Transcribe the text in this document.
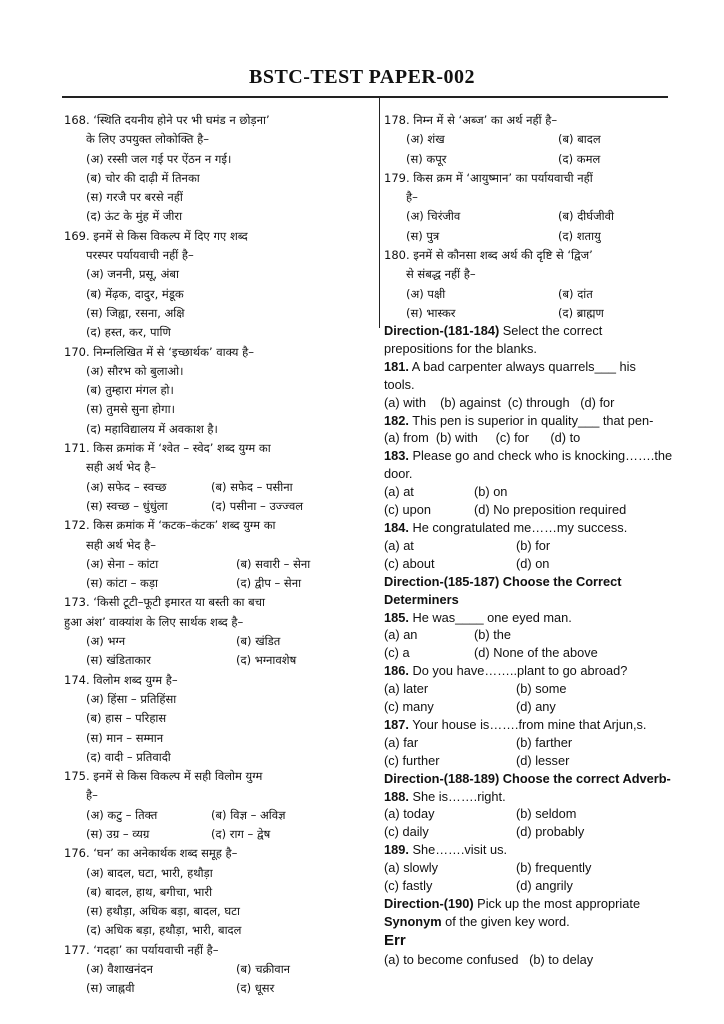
BSTC-TEST PAPER-002
168. ‘स्थिति दयनीय होने पर भी घमंड न छोड़ना’
के लिए उपयुक्त लोकोक्ति है–
(अ) रस्सी जल गई पर ऐंठन न गई।
(ब) चोर की दाढ़ी में तिनका
(स) गरजै पर बरसे नहीं
(द) ऊंट के मुंह में जीरा
169. इनमें से किस विकल्प में दिए गए शब्द
परस्पर पर्यायवाची नहीं है–
(अ) जननी, प्रसू, अंबा
(ब) मेंढ़क, दादुर, मंडूक
(स) जिह्वा, रसना, अक्षि
(द) हस्त, कर, पाणि
170. निम्नलिखित में से ‘इच्छार्थक’ वाक्य है–
(अ) सौरभ को बुलाओ।
(ब) तुम्हारा मंगल हो।
(स) तुमसे सुना होगा।
(द) महाविद्यालय में अवकाश है।
171. किस क्रमांक में ‘श्वेत – स्वेद’ शब्द युग्म का
सही अर्थ भेद है–
(अ) सफेद – स्वच्छ	(ब) सफेद – पसीना
(स) स्वच्छ – धुंधुंला	(द) पसीना – उज्ज्वल
172. किस क्रमांक में ‘कटक–कंटक’ शब्द युग्म का
सही अर्थ भेद है–
(अ) सेना – कांटा	(ब) सवारी – सेना
(स) कांटा – कड़ा	(द) द्वीप – सेना
173. ‘किसी टूटी–फूटी इमारत या बस्ती का बचा
हुआ अंश’ वाक्यांश के लिए सार्थक शब्द है–
(अ) भग्न	(ब) खंडित
(स) खंडिताकार	(द) भग्नावशेष
174. विलोम शब्द युग्म है–
(अ) हिंसा – प्रतिहिंसा
(ब) हास – परिहास
(स) मान – सम्मान
(द) वादी – प्रतिवादी
175. इनमें से किस विकल्प में सही विलोम युग्म
है–
(अ) कटु – तिक्त	(ब) विज्ञ – अविज्ञ
(स) उग्र – व्यग्र	(द) राग – द्वेष
176. ‘घन’ का अनेकार्थक शब्द समूह है–
(अ) बादल, घटा, भारी, हथौड़ा
(ब) बादल, हाथ, बगीचा, भारी
(स) हथौड़ा, अधिक बड़ा, बादल, घटा
(द) अधिक बड़ा, हथौड़ा, भारी, बादल
177. ‘गदहा’ का पर्यायवाची नहीं है–
(अ) वैशाखनंदन	(ब) चक्रीवान
(स) जाह्नवी	(द) धूसर
178. निम्न में से ‘अब्ज’ का अर्थ नहीं है–
(अ) शंख	(ब) बादल
(स) कपूर	(द) कमल
179. किस क्रम में ‘आयुष्मान’ का पर्यायवाची नहीं
है–
(अ) चिरंजीव	(ब) दीर्घजीवी
(स) पुत्र	(द) शतायु
180. इनमें से कौनसा शब्द अर्थ की दृष्टि से ‘द्विज’
से संबद्ध नहीं है–
(अ) पक्षी	(ब) दांत
(स) भास्कर	(द) ब्राह्मण
Direction-(181-184) Select the correct
prepositions for the blanks.
181. A bad carpenter always quarrels___ his
tools.
(a) with    (b) against  (c) through   (d) for
182. This pen is superior in quality___ that pen-
(a) from  (b) with     (c) for      (d) to
183. Please go and check who is knocking…….the
door.
(a) at	(b) on
(c) upon	(d) No preposition required
184. He congratulated me……my success.
(a) at	(b) for
(c) about	(d) on
Direction-(185-187) Choose the Correct
Determiners
185. He was____ one eyed man.
(a) an	(b) the
(c) a	(d) None of the above
186. Do you have……..plant to go abroad?
(a) later	(b) some
(c) many	(d) any
187. Your house is…….from mine that Arjun,s.
(a) far	(b) farther
(c) further	(d) lesser
Direction-(188-189) Choose the correct Adverb-
188. She is…….right.
(a) today	(b) seldom
(c) daily	(d) probably
189. She…….visit us.
(a) slowly	(b) frequently
(c) fastly	(d) angrily
Direction-(190) Pick up the most appropriate
Synonym of the given key word.
Err
(a) to become confused   (b) to delay
